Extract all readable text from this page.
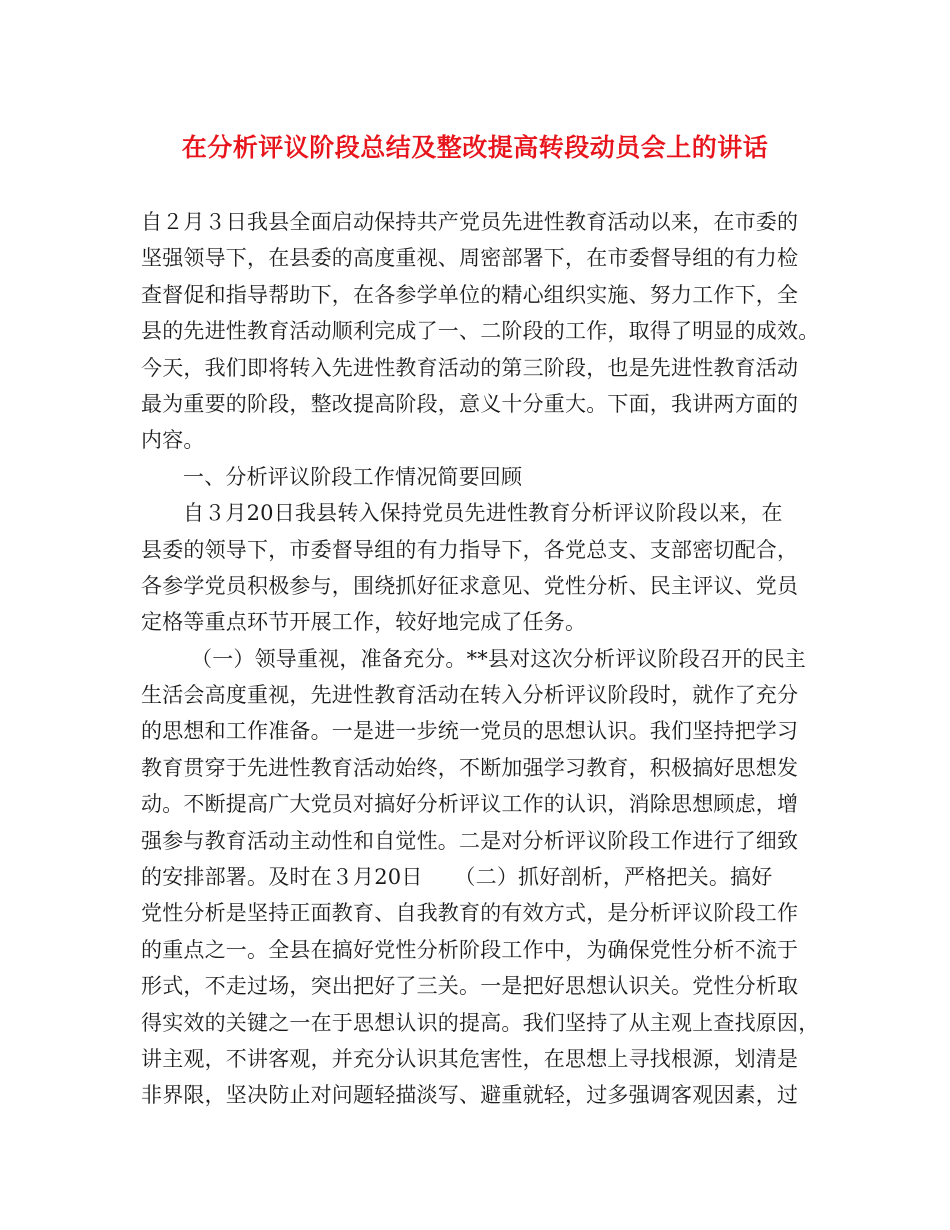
在分析评议阶段总结及整改提高转段动员会上的讲话
自２月３日我县全面启动保持共产党员先进性教育活动以来，在市委的
坚强领导下，在县委的高度重视、周密部署下，在市委督导组的有力检
查督促和指导帮助下，在各参学单位的精心组织实施、努力工作下，全
县的先进性教育活动顺利完成了一、二阶段的工作，取得了明显的成效。
今天，我们即将转入先进性教育活动的第三阶段，也是先进性教育活动
最为重要的阶段，整改提高阶段，意义十分重大。下面，我讲两方面的
内容。
一、分析评议阶段工作情况简要回顾
自３月20日我县转入保持党员先进性教育分析评议阶段以来，在
县委的领导下，市委督导组的有力指导下，各党总支、支部密切配合，
各参学党员积极参与，围绕抓好征求意见、党性分析、民主评议、党员
定格等重点环节开展工作，较好地完成了任务。
（一）领导重视，准备充分。**县对这次分析评议阶段召开的民主
生活会高度重视，先进性教育活动在转入分析评议阶段时，就作了充分
的思想和工作准备。一是进一步统一党员的思想认识。我们坚持把学习
教育贯穿于先进性教育活动始终，不断加强学习教育，积极搞好思想发
动。不断提高广大党员对搞好分析评议工作的认识，消除思想顾虑，增
强参与教育活动主动性和自觉性。二是对分析评议阶段工作进行了细致
的安排部署。及时在３月20日　　（二）抓好剖析，严格把关。搞好
党性分析是坚持正面教育、自我教育的有效方式，是分析评议阶段工作
的重点之一。全县在搞好党性分析阶段工作中，为确保党性分析不流于
形式，不走过场，突出把好了三关。一是把好思想认识关。党性分析取
得实效的关键之一在于思想认识的提高。我们坚持了从主观上查找原因，
讲主观，不讲客观，并充分认识其危害性，在思想上寻找根源，划清是
非界限，坚决防止对问题轻描淡写、避重就轻，过多强调客观因素，过
